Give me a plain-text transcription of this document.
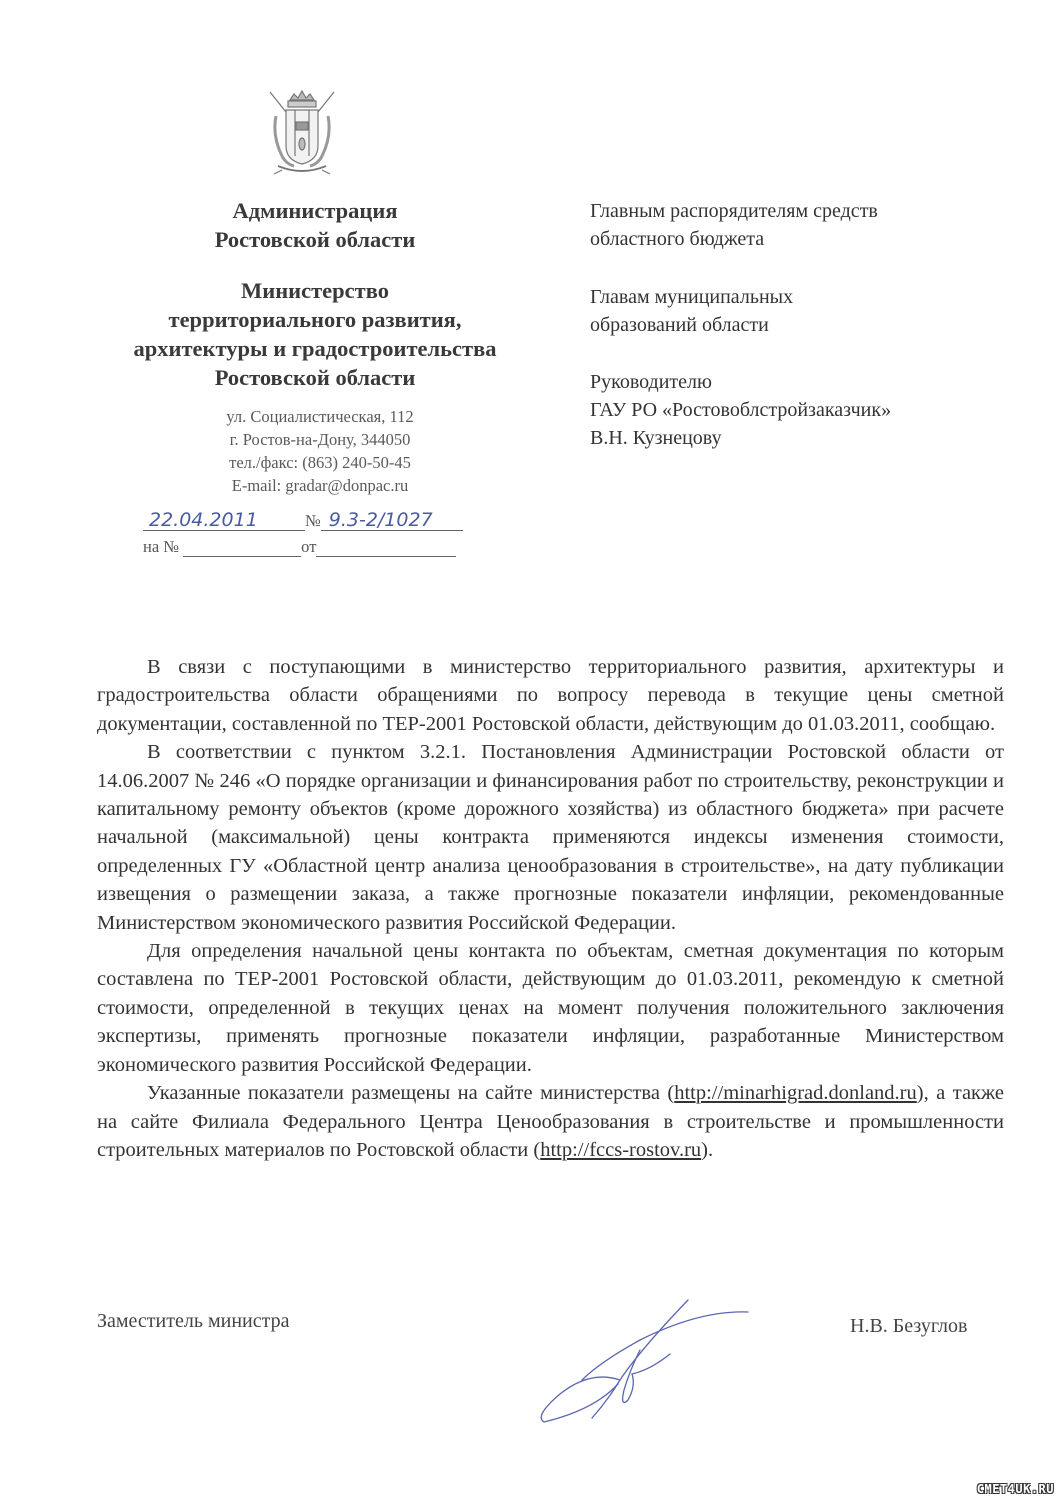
Администрация
Ростовской области
Министерство
территориального развития,
архитектуры и градостроительства
Ростовской области
ул. Социалистическая, 112
г. Ростов-на-Дону, 344050
тел./факс: (863) 240-50-45
E-mail: gradar@donpac.ru
22.04.2011	№ 9.3-2/1027
на №	от
Главным распорядителям средств
областного бюджета
Главам муниципальных
образований области
Руководителю
ГАУ РО «Ростовоблстройзаказчик»
В.Н. Кузнецову

В связи с поступающими в министерство территориального развития, архитектуры и градостроительства области обращениями по вопросу перевода в текущие цены сметной документации, составленной по ТЕР-2001 Ростовской области, действующим до 01.03.2011, сообщаю.

В соответствии с пунктом 3.2.1. Постановления Администрации Ростовской области от 14.06.2007 № 246 «О порядке организации и финансирования работ по строительству, реконструкции и капитальному ремонту объектов (кроме дорожного хозяйства) из областного бюджета» при расчете начальной (максимальной) цены контракта применяются индексы изменения стоимости, определенных ГУ «Областной центр анализа ценообразования в строительстве», на дату публикации извещения о размещении заказа, а также прогнозные показатели инфляции, рекомендованные Министерством экономического развития Российской Федерации.

Для определения начальной цены контакта по объектам, сметная документация по которым составлена по ТЕР-2001 Ростовской области, действующим до 01.03.2011, рекомендую к сметной стоимости, определенной в текущих ценах на момент получения положительного заключения экспертизы, применять прогнозные показатели инфляции, разработанные Министерством экономического развития Российской Федерации.

Указанные показатели размещены на сайте министерства (http://minarhigrad.donland.ru), а также на сайте Филиала Федерального Центра Ценообразования в строительстве и промышленности строительных материалов по Ростовской области (http://fccs-rostov.ru).

Заместитель министра	Н.В. Безуглов
CMET4UK.RU
